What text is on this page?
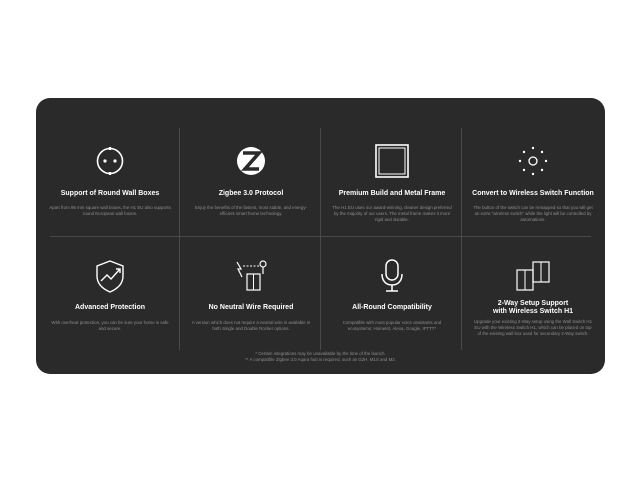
Support of Round Wall Boxes
Apart from 86 mm square wall boxes, the H1 EU also supports round European wall boxes.
Zigbee 3.0 Protocol
Enjoy the benefits of the fastest, most stable, and energy-efficient smart home technology.
Premium Build and Metal Frame
The H1 EU uses our award-winning, cleaner design preferred by the majority of our users. The metal frame makes it more rigid and durable.
Convert to Wireless Switch Function
The button of the switch can be remapped so that you will get an extra "wireless switch" while the light will be controlled by automations.
Advanced Protection
With overheat protection, you can be sure your home is safe and secure.
No Neutral Wire Required
A version which does not require a neutral wire is available in both Single and Double Rocker options.
All-Round Compatibility
Compatible with most popular voice assistants and ecosystems: HomeKit, Alexa, Google, IFTTT*
2-Way Setup Support
with Wireless Switch H1
Upgrade your existing 2-Way setup using the Wall Switch H1 EU with the Wireless Switch H1, which can be placed on top of the existing wall box used for secondary 2-Way switch.
* Certain integrations may be unavailable by the time of the launch.
** A compatible Zigbee 3.0 Aqara hub is required, such as G2H, M1S and M2.
